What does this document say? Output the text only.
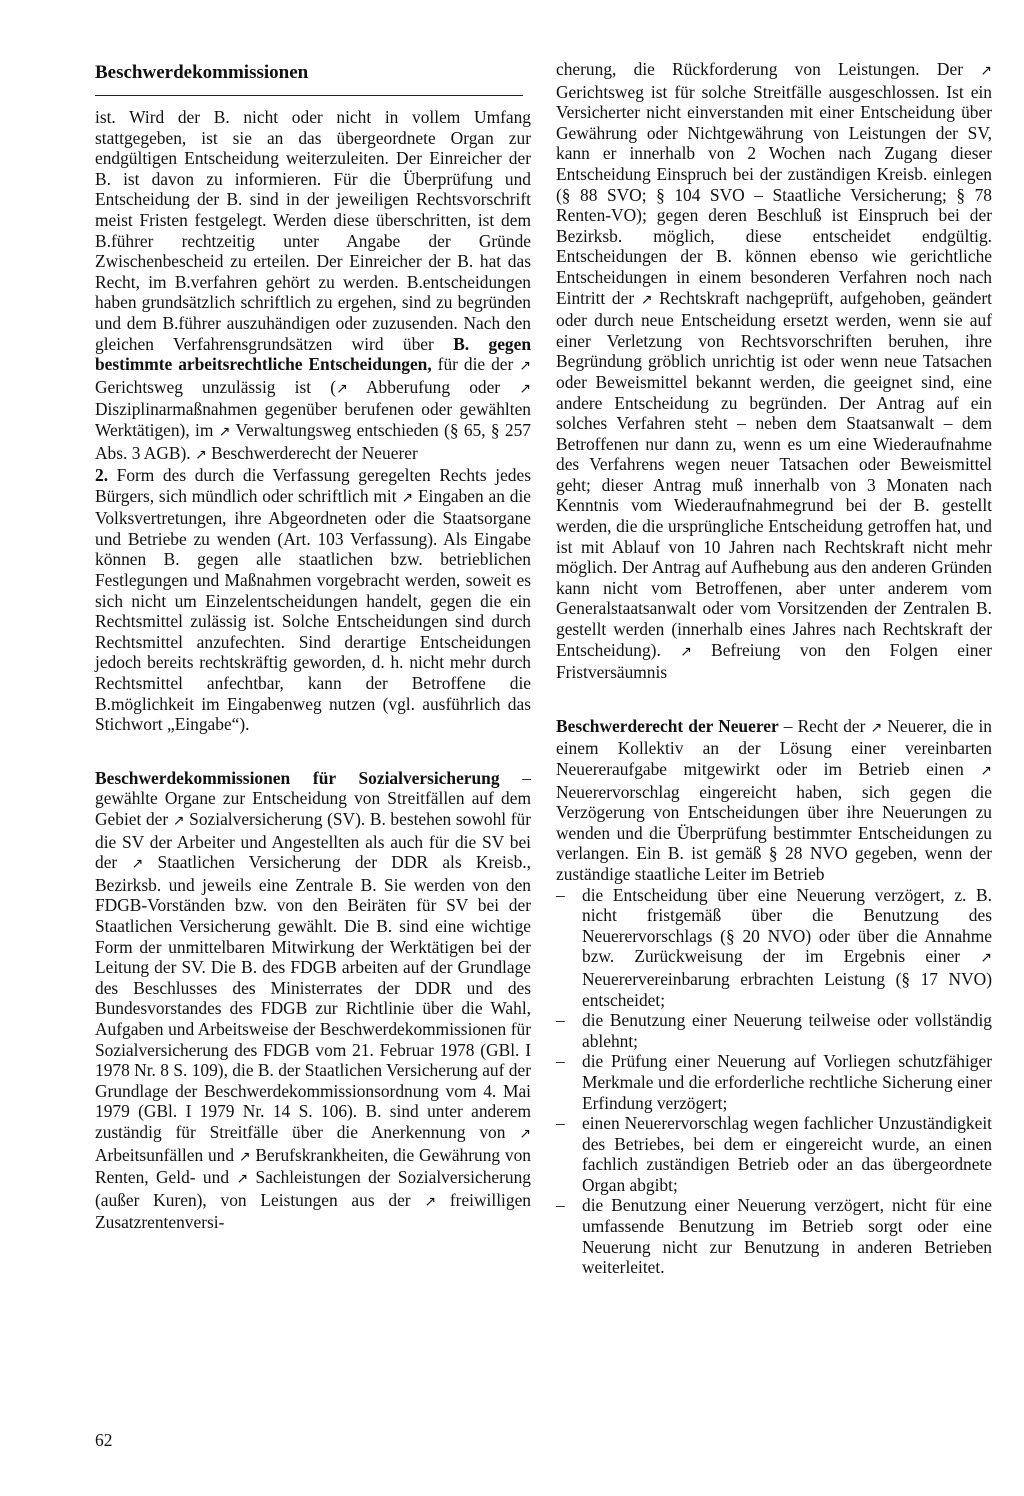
Beschwerdekommissionen

ist. Wird der B. nicht oder nicht in vollem Umfang stattgegeben, ist sie an das übergeordnete Organ zur endgültigen Entscheidung weiterzuleiten. Der Einreicher der B. ist davon zu informieren. Für die Überprüfung und Entscheidung der B. sind in der jeweiligen Rechtsvorschrift meist Fristen festgelegt. Werden diese überschritten, ist dem B.führer rechtzeitig unter Angabe der Gründe Zwischenbescheid zu erteilen. Der Einreicher der B. hat das Recht, im B.verfahren gehört zu werden. B.entscheidungen haben grundsätzlich schriftlich zu ergehen, sind zu begründen und dem B.führer auszuhändigen oder zuzusenden. Nach den gleichen Verfahrensgrundsätzen wird über B. gegen bestimmte arbeitsrechtliche Entscheidungen, für die der ↗ Gerichtsweg unzulässig ist (↗ Abberufung oder ↗ Disziplinarmaßnahmen gegenüber berufenen oder gewählten Werktätigen), im ↗ Verwaltungsweg entschieden (§ 65, § 257 Abs. 3 AGB). ↗ Beschwerderecht der Neuerer

2. Form des durch die Verfassung geregelten Rechts jedes Bürgers, sich mündlich oder schriftlich mit ↗ Eingaben an die Volksvertretungen, ihre Abgeordneten oder die Staatsorgane und Betriebe zu wenden (Art. 103 Verfassung). Als Eingabe können B. gegen alle staatlichen bzw. betrieblichen Festlegungen und Maßnahmen vorgebracht werden, soweit es sich nicht um Einzelentscheidungen handelt, gegen die ein Rechtsmittel zulässig ist. Solche Entscheidungen sind durch Rechtsmittel anzufechten. Sind derartige Entscheidungen jedoch bereits rechtskräftig geworden, d. h. nicht mehr durch Rechtsmittel anfechtbar, kann der Betroffene die B.möglichkeit im Eingabenweg nutzen (vgl. ausführlich das Stichwort „Eingabe“).

Beschwerdekommissionen für Sozialversicherung – gewählte Organe zur Entscheidung von Streitfällen auf dem Gebiet der ↗ Sozialversicherung (SV). B. bestehen sowohl für die SV der Arbeiter und Angestellten als auch für die SV bei der ↗ Staatlichen Versicherung der DDR als Kreisb., Bezirksb. und jeweils eine Zentrale B. Sie werden von den FDGB-Vorständen bzw. von den Beiräten für SV bei der Staatlichen Versicherung gewählt. Die B. sind eine wichtige Form der unmittelbaren Mitwirkung der Werktätigen bei der Leitung der SV. Die B. des FDGB arbeiten auf der Grundlage des Beschlusses des Ministerrates der DDR und des Bundesvorstandes des FDGB zur Richtlinie über die Wahl, Aufgaben und Arbeitsweise der Beschwerdekommissionen für Sozialversicherung des FDGB vom 21. Februar 1978 (GBl. I 1978 Nr. 8 S. 109), die B. der Staatlichen Versicherung auf der Grundlage der Beschwerdekommissionsordnung vom 4. Mai 1979 (GBl. I 1979 Nr. 14 S. 106). B. sind unter anderem zuständig für Streitfälle über die Anerkennung von ↗ Arbeitsunfällen und ↗ Berufskrankheiten, die Gewährung von Renten, Geld- und ↗ Sachleistungen der Sozialversicherung (außer Kuren), von Leistungen aus der ↗ freiwilligen Zusatzrentenversi-

cherung, die Rückforderung von Leistungen. Der ↗ Gerichtsweg ist für solche Streitfälle ausgeschlossen. Ist ein Versicherter nicht einverstanden mit einer Entscheidung über Gewährung oder Nichtgewährung von Leistungen der SV, kann er innerhalb von 2 Wochen nach Zugang dieser Entscheidung Einspruch bei der zuständigen Kreisb. einlegen (§ 88 SVO; § 104 SVO – Staatliche Versicherung; § 78 Renten-VO); gegen deren Beschluß ist Einspruch bei der Bezirksb. möglich, diese entscheidet endgültig. Entscheidungen der B. können ebenso wie gerichtliche Entscheidungen in einem besonderen Verfahren noch nach Eintritt der ↗ Rechtskraft nachgeprüft, aufgehoben, geändert oder durch neue Entscheidung ersetzt werden, wenn sie auf einer Verletzung von Rechtsvorschriften beruhen, ihre Begründung gröblich unrichtig ist oder wenn neue Tatsachen oder Beweismittel bekannt werden, die geeignet sind, eine andere Entscheidung zu begründen. Der Antrag auf ein solches Verfahren steht – neben dem Staatsanwalt – dem Betroffenen nur dann zu, wenn es um eine Wiederaufnahme des Verfahrens wegen neuer Tatsachen oder Beweismittel geht; dieser Antrag muß innerhalb von 3 Monaten nach Kenntnis vom Wiederaufnahmegrund bei der B. gestellt werden, die die ursprüngliche Entscheidung getroffen hat, und ist mit Ablauf von 10 Jahren nach Rechtskraft nicht mehr möglich. Der Antrag auf Aufhebung aus den anderen Gründen kann nicht vom Betroffenen, aber unter anderem vom Generalstaatsanwalt oder vom Vorsitzenden der Zentralen B. gestellt werden (innerhalb eines Jahres nach Rechtskraft der Entscheidung). ↗ Befreiung von den Folgen einer Fristversäumnis

Beschwerderecht der Neuerer – Recht der ↗ Neuerer, die in einem Kollektiv an der Lösung einer vereinbarten Neuereraufgabe mitgewirkt oder im Betrieb einen ↗ Neuerervorschlag eingereicht haben, sich gegen die Verzögerung von Entscheidungen über ihre Neuerungen zu wenden und die Überprüfung bestimmter Entscheidungen zu verlangen. Ein B. ist gemäß § 28 NVO gegeben, wenn der zuständige staatliche Leiter im Betrieb

– die Entscheidung über eine Neuerung verzögert, z. B. nicht fristgemäß über die Benutzung des Neuerervorschlags (§ 20 NVO) oder über die Annahme bzw. Zurückweisung der im Ergebnis einer ↗ Neuerervereinbarung erbrachten Leistung (§ 17 NVO) entscheidet;
– die Benutzung einer Neuerung teilweise oder vollständig ablehnt;
– die Prüfung einer Neuerung auf Vorliegen schutzfähiger Merkmale und die erforderliche rechtliche Sicherung einer Erfindung verzögert;
– einen Neuerervorschlag wegen fachlicher Unzuständigkeit des Betriebes, bei dem er eingereicht wurde, an einen fachlich zuständigen Betrieb oder an das übergeordnete Organ abgibt;
– die Benutzung einer Neuerung verzögert, nicht für eine umfassende Benutzung im Betrieb sorgt oder eine Neuerung nicht zur Benutzung in anderen Betrieben weiterleitet.
62
